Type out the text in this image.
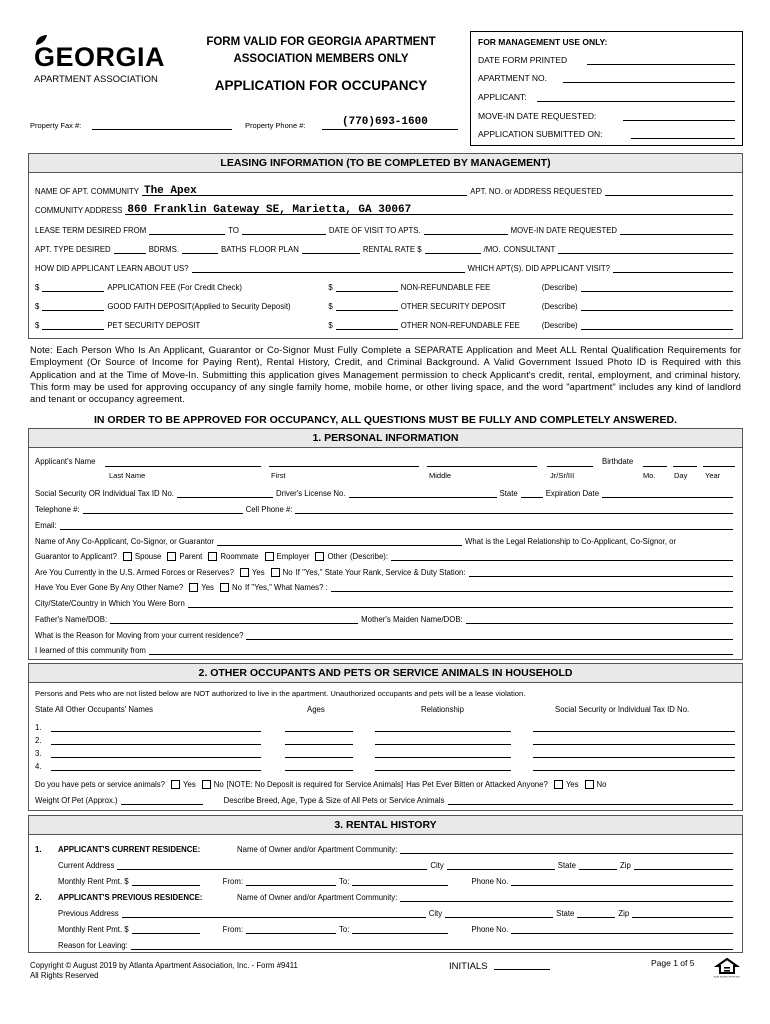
GEORGIA
APARTMENT ASSOCIATION
FORM VALID FOR GEORGIA APARTMENT
ASSOCIATION MEMBERS ONLY
APPLICATION FOR OCCUPANCY
Property Fax #:	Property Phone #:	(770)693-1600
FOR MANAGEMENT USE ONLY:
DATE FORM PRINTED
APARTMENT NO.
APPLICANT:
MOVE-IN DATE REQUESTED:
APPLICATION SUBMITTED ON:
LEASING INFORMATION (TO BE COMPLETED BY MANAGEMENT)
NAME OF APT. COMMUNITY The Apex	APT. NO. or ADDRESS REQUESTED
COMMUNITY ADDRESS 860 Franklin Gateway SE, Marietta, GA 30067
LEASE TERM DESIRED FROM	TO	DATE OF VISIT TO APTS.	MOVE-IN DATE REQUESTED
APT. TYPE DESIRED	BDRMS.	BATHS FLOOR PLAN	RENTAL RATE $	/MO. CONSULTANT
HOW DID APPLICANT LEARN ABOUT US?	WHICH APT(S). DID APPLICANT VISIT?
$	APPLICATION FEE (For Credit Check)	$	NON-REFUNDABLE FEE	(Describe)
$	GOOD FAITH DEPOSIT(Applied to Security Deposit)	$	OTHER SECURITY DEPOSIT	(Describe)
$	PET SECURITY DEPOSIT	$	OTHER NON-REFUNDABLE FEE	(Describe)
Note: Each Person Who Is An Applicant, Guarantor or Co-Signor Must Fully Complete a SEPARATE Application and Meet ALL Rental Qualification Requirements for Employment (Or Source of Income for Paying Rent), Rental History, Credit, and Criminal Background. A Valid Government Issued Photo ID is Required with this Application and at the Time of Move-In. Submitting this application gives Management permission to check Applicant's credit, rental, employment, and criminal history. This form may be used for approving occupancy of any single family home, mobile home, or other living space, and the word "apartment" includes any kind of landlord and tenant or occupancy agreement.
IN ORDER TO BE APPROVED FOR OCCUPANCY, ALL QUESTIONS MUST BE FULLY AND COMPLETELY ANSWERED.
1. PERSONAL INFORMATION
Applicant's Name	Birthdate
Last Name	First	Middle	Jr/Sr/III	Mo. Day Year
Social Security OR Individual Tax ID No.	Driver's License No.	State	Expiration Date
Telephone #:	Cell Phone #:
Email:
Name of Any Co-Applicant, Co-Signor, or Guarantor	What is the Legal Relationship to Co-Applicant, Co-Signor, or
Guarantor to Applicant? Spouse Parent Roommate Employer Other (Describe):
Are You Currently in the U.S. Armed Forces or Reserves? Yes No If "Yes," State Your Rank, Service & Duty Station:
Have You Ever Gone By Any Other Name? Yes No If "Yes," What Names? :
City/State/Country in Which You Were Born
Father's Name/DOB:	Mother's Maiden Name/DOB:
What is the Reason for Moving from your current residence?
I learned of this community from
2. OTHER OCCUPANTS AND PETS OR SERVICE ANIMALS IN HOUSEHOLD
Persons and Pets who are not listed below are NOT authorized to live in the apartment. Unauthorized occupants and pets will be a lease violation.
State All Other Occupants' Names	Ages	Relationship	Social Security or Individual Tax ID No.
1.
2.
3.
4.
Do you have pets or service animals? Yes No [NOTE: No Deposit is required for Service Animals] Has Pet Ever Bitten or Attacked Anyone? Yes No
Weight Of Pet (Approx.)	Describe Breed, Age, Type & Size of All Pets or Service Animals
3. RENTAL HISTORY
1.	APPLICANT'S CURRENT RESIDENCE:	Name of Owner and/or Apartment Community:
Current Address	City	State	Zip
Monthly Rent Pmt. $	From:	To:	Phone No.
2.	APPLICANT'S PREVIOUS RESIDENCE:	Name of Owner and/or Apartment Community:
Previous Address	City	State	Zip
Monthly Rent Pmt. $	From:	To:	Phone No.
Reason for Leaving:
Copyright © August 2019 by Atlanta Apartment Association, Inc. - Form #9411
All Rights Reserved
INITIALS	Page 1 of 5
EQUAL HOUSING OPPORTUNITY
